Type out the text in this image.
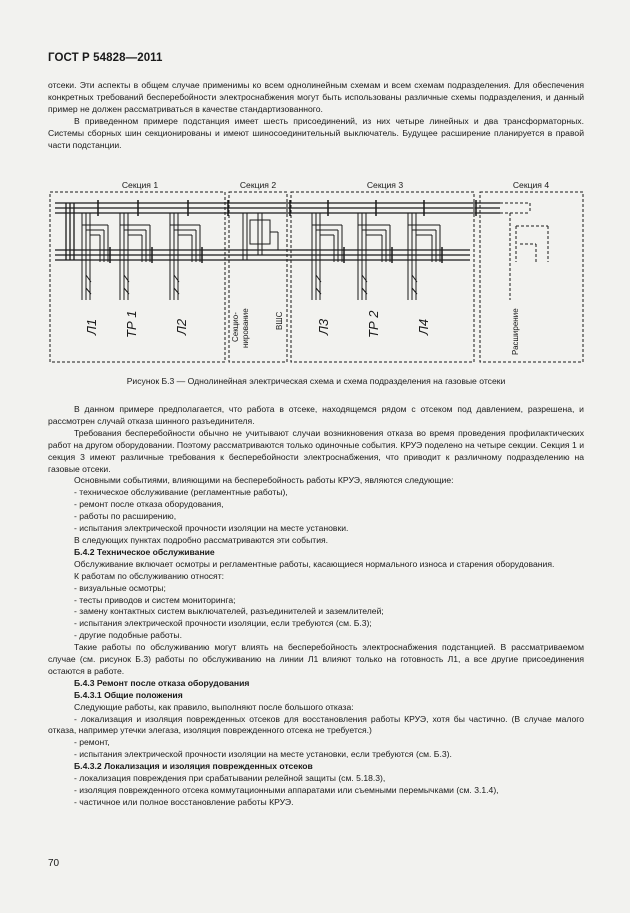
ГОСТ Р 54828—2011

отсеки. Эти аспекты в общем случае применимы ко всем однолинейным схемам и всем схемам подразделения. Для обеспечения конкретных требований бесперебойности электроснабжения могут быть использованы различные схемы подразделения, и данный пример не должен рассматриваться в качестве стандартизованного.

В приведенном примере подстанция имеет шесть присоединений, из них четыре линейных и два трансформаторных. Системы сборных шин секционированы и имеют шиносоединительный выключатель. Будущее расширение планируется в правой части подстанции.

Секция 1	Секция 2	Секция 3	Секция 4
Л1 ТР 1	Л2	Л3	ТР 2	Л4
Секцио- нирование	ВШС	Расширение
Рисунок Б.3 — Однолинейная электрическая схема и схема подразделения на газовые отсеки

В данном примере предполагается, что работа в отсеке, находящемся рядом с отсеком под давлением, разрешена, и рассмотрен случай отказа шинного разъединителя.

Требования бесперебойности обычно не учитывают случаи возникновения отказа во время проведения профилактических работ на другом оборудовании. Поэтому рассматриваются только одиночные события. КРУЭ поделено на четыре секции. Секция 1 и секция 3 имеют различные требования к бесперебойности электроснабжения, что приводит к различному подразделению на газовые отсеки.

Основными событиями, влияющими на бесперебойность работы КРУЭ, являются следующие:

- техническое обслуживание (регламентные работы),

- ремонт после отказа оборудования,

- работы по расширению,

- испытания электрической прочности изоляции на месте установки.

В следующих пунктах подробно рассматриваются эти события.

Б.4.2 Техническое обслуживание

Обслуживание включает осмотры и регламентные работы, касающиеся нормального износа и старения оборудования.

К работам по обслуживанию относят:

- визуальные осмотры;

- тесты приводов и систем мониторинга;

- замену контактных систем выключателей, разъединителей и заземлителей;

- испытания электрической прочности изоляции, если требуются (см. Б.3);

- другие подобные работы.

Такие работы по обслуживанию могут влиять на бесперебойность электроснабжения подстанцией. В рассматриваемом случае (см. рисунок Б.3) работы по обслуживанию на линии Л1 влияют только на готовность Л1, а все другие присоединения остаются в работе.

Б.4.3 Ремонт после отказа оборудования

Б.4.3.1 Общие положения

Следующие работы, как правило, выполняют после большого отказа:

- локализация и изоляция поврежденных отсеков для восстановления работы КРУЭ, хотя бы частично. (В случае малого отказа, например утечки элегаза, изоляция поврежденного отсека не требуется.)

- ремонт,

- испытания электрической прочности изоляции на месте установки, если требуются (см. Б.3).

Б.4.3.2 Локализация и изоляция поврежденных отсеков

- локализация повреждения при срабатывании релейной защиты (см. 5.18.3),

- изоляция поврежденного отсека коммутационными аппаратами или съемными перемычками (см. 3.1.4),

- частичное или полное восстановление работы КРУЭ.

70
